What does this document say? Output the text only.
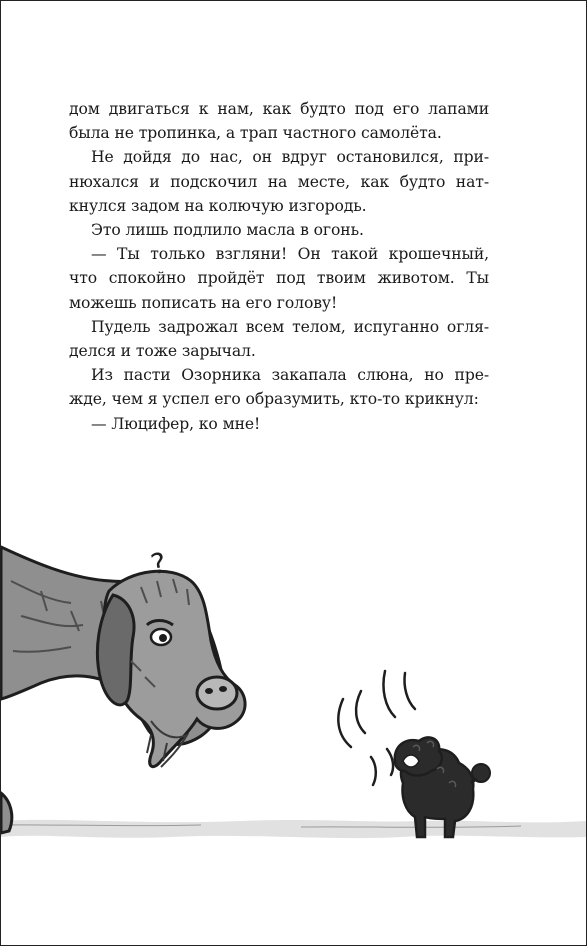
дом двигаться к нам, как будто под его лапами
была не тропинка, а трап частного самолёта.
Не дойдя до нас, он вдруг остановился, при-
нюхался и подскочил на месте, как будто нат-
кнулся задом на колючую изгородь.
Это лишь подлило масла в огонь.
— Ты только взгляни! Он такой крошечный,
что спокойно пройдёт под твоим животом. Ты
можешь пописать на его голову!
Пудель задрожал всем телом, испуганно огля-
делся и тоже зарычал.
Из пасти Озорника закапала слюна, но пре-
жде, чем я успел его образумить, кто-то крикнул:
— Люцифер, ко мне!
?
